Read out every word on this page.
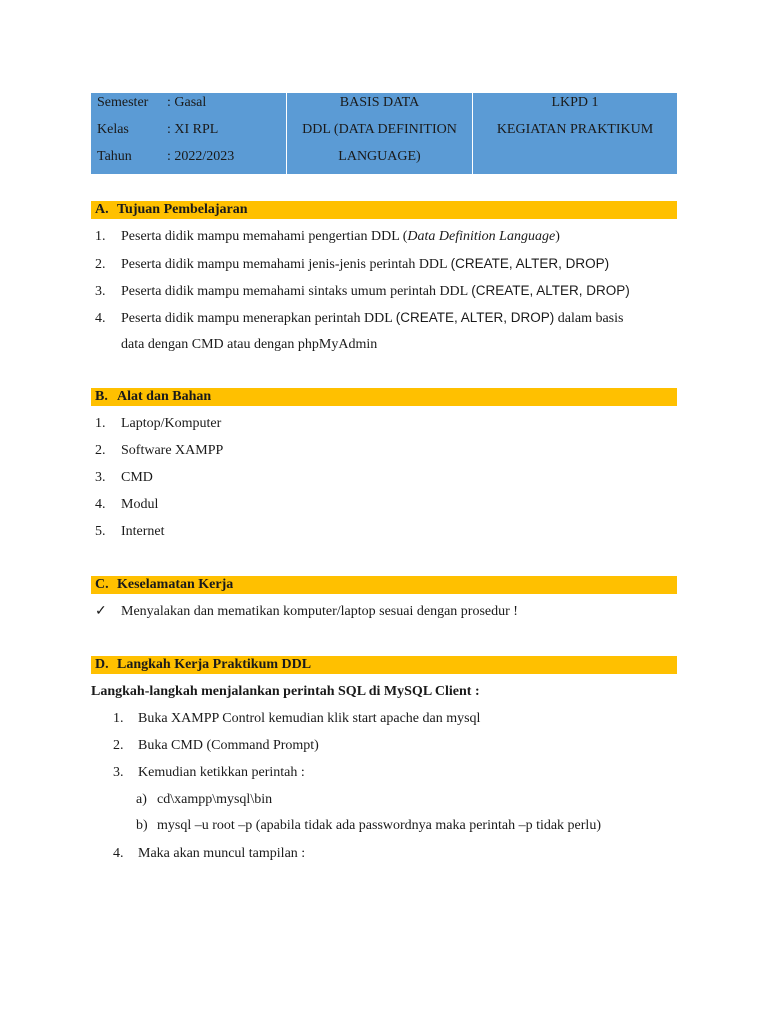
Semester : Gasal
Kelas	: XI RPL
Tahun	: 2022/2023
BASIS DATA
DDL (DATA DEFINITION
LANGUAGE)
LKPD 1
KEGIATAN PRAKTIKUM
A. Tujuan Pembelajaran
1. Peserta didik mampu memahami pengertian DDL (Data Definition Language)
2. Peserta didik mampu memahami jenis-jenis perintah DDL (CREATE, ALTER, DROP)
3. Peserta didik mampu memahami sintaks umum perintah DDL (CREATE, ALTER, DROP)
4. Peserta didik mampu menerapkan perintah DDL (CREATE, ALTER, DROP) dalam basis
data dengan CMD atau dengan phpMyAdmin
B. Alat dan Bahan
1. Laptop/Komputer
2. Software XAMPP
3. CMD
4. Modul
5. Internet
C. Keselamatan Kerja
✓ Menyalakan dan mematikan komputer/laptop sesuai dengan prosedur !
D. Langkah Kerja Praktikum DDL
Langkah-langkah menjalankan perintah SQL di MySQL Client :
1. Buka XAMPP Control kemudian klik start apache dan mysql
2. Buka CMD (Command Prompt)
3. Kemudian ketikkan perintah :
a) cd\xampp\mysql\bin
b) mysql –u root –p (apabila tidak ada passwordnya maka perintah –p tidak perlu)
4. Maka akan muncul tampilan :
